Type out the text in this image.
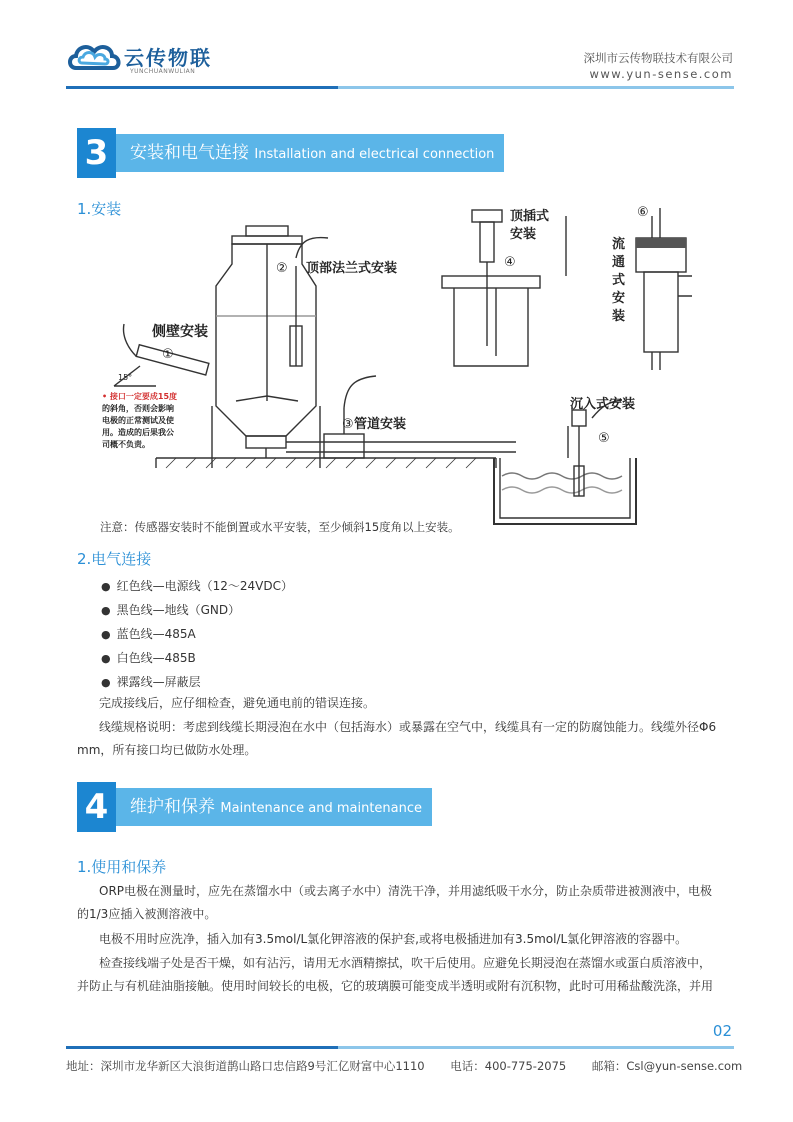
云传物联
YUNCHUANWULIAN
深圳市云传物联技术有限公司
www.yun-sense.com
3	安装和电气连接 Installation and electrical connection
1.安装
侧壁安装
顶部法兰式安装
顶插式
安装
流
通
式
安
装
管道安装
沉入式安装
15°
①
②
③
④
⑤
⑥
• 接口一定要成15度
的斜角，否则会影响
电极的正常测试及使
用。造成的后果我公
司概不负责。
注意：传感器安装时不能倒置或水平安装，至少倾斜15度角以上安装。
2.电气连接
● 红色线—电源线（12～24VDC）
● 黑色线—地线（GND）
● 蓝色线—485A
● 白色线—485B
● 裸露线—屏蔽层
完成接线后，应仔细检查，避免通电前的错误连接。
线缆规格说明：考虑到线缆长期浸泡在水中（包括海水）或暴露在空气中，线缆具有一定的防腐蚀能力。线缆外径Φ6 mm，所有接口均已做防水处理。
4	维护和保养 Maintenance and maintenance
1.使用和保养
ORP电极在测量时，应先在蒸馏水中（或去离子水中）清洗干净，并用滤纸吸干水分，防止杂质带进被测液中，电极的1/3应插入被测溶液中。
电极不用时应洗净，插入加有3.5mol/L氯化钾溶液的保护套,或将电极插进加有3.5mol/L氯化钾溶液的容器中。
检查接线端子处是否干燥，如有沾污，请用无水酒精擦拭，吹干后使用。应避免长期浸泡在蒸馏水或蛋白质溶液中，并防止与有机硅油脂接触。使用时间较长的电极，它的玻璃膜可能变成半透明或附有沉积物，此时可用稀盐酸洗涤，并用
02
地址：深圳市龙华新区大浪街道鹊山路口忠信路9号汇亿财富中心1110 电话：400-775-2075 邮箱：Csl@yun-sense.com
